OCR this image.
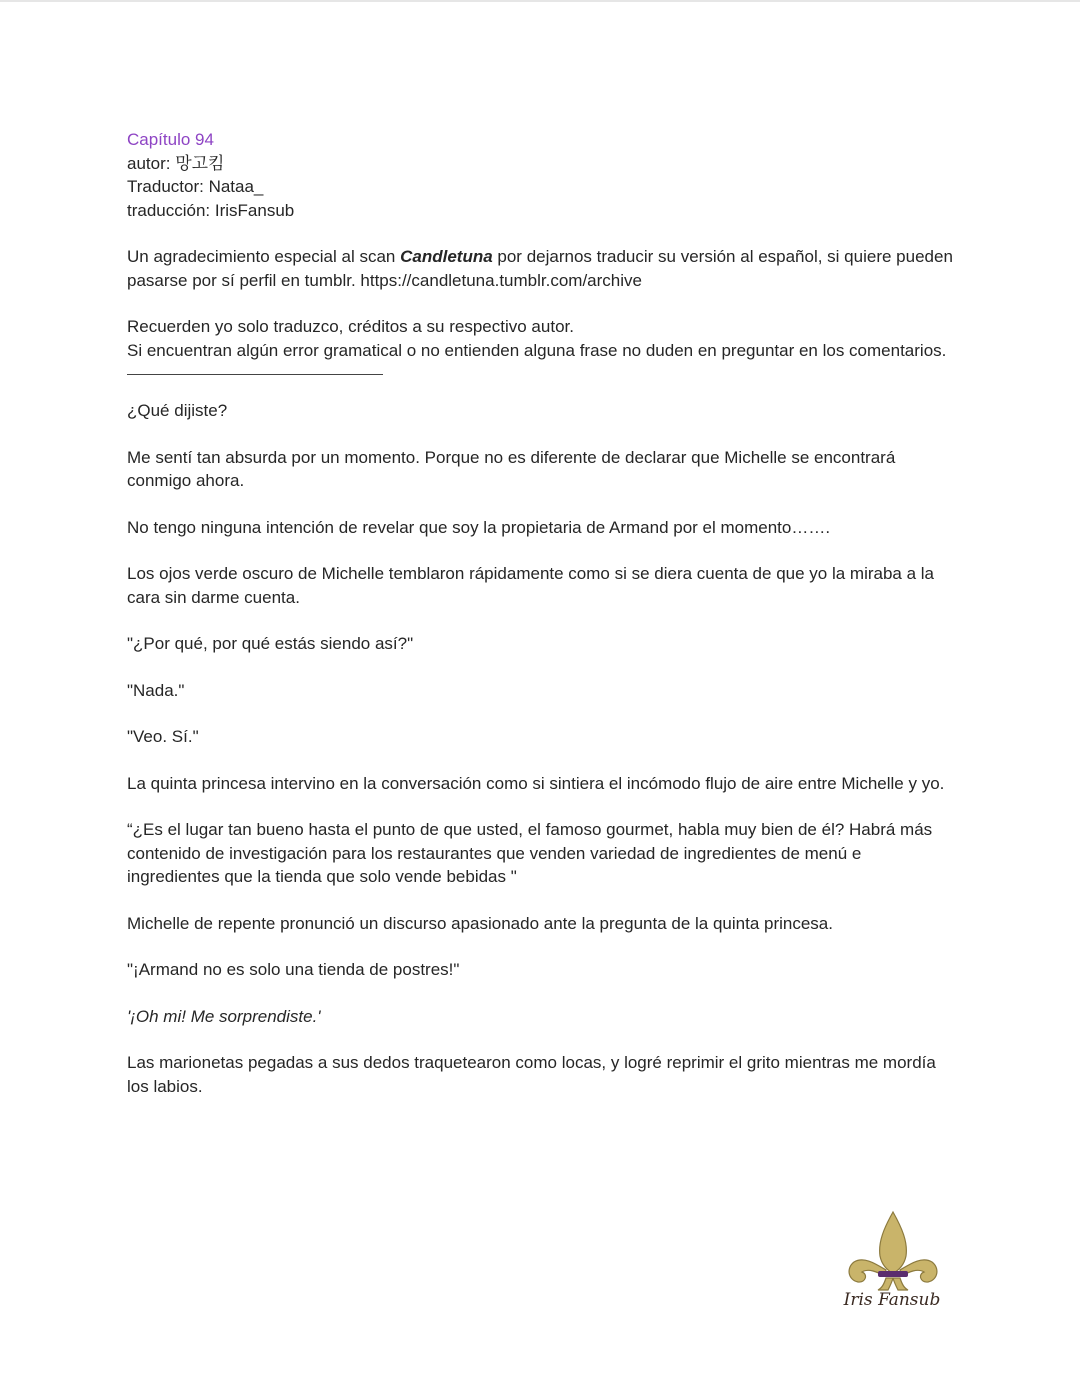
Capítulo 94

autor: 망고킴

Traductor: Nataa_

traducción: IrisFansub

Un agradecimiento especial al scan Candletuna por dejarnos traducir su versión al español, si quiere pueden pasarse por sí perfil en tumblr. https://candletuna.tumblr.com/archive

Recuerden yo solo traduzco, créditos a su respectivo autor.

Si encuentran algún error gramatical o no entienden alguna frase no duden en preguntar en los comentarios.

¿Qué dijiste?

Me sentí tan absurda por un momento. Porque no es diferente de declarar que Michelle se encontrará conmigo ahora.

No tengo ninguna intención de revelar que soy la propietaria de Armand por el momento…….

Los ojos verde oscuro de Michelle temblaron rápidamente como si se diera cuenta de que yo la miraba a la cara sin darme cuenta.

"¿Por qué, por qué estás siendo así?"

"Nada."

"Veo. Sí."

La quinta princesa intervino en la conversación como si sintiera el incómodo flujo de aire entre Michelle y yo.

“¿Es el lugar tan bueno hasta el punto de que usted, el famoso gourmet, habla muy bien de él? Habrá más contenido de investigación para los restaurantes que venden variedad de ingredientes de menú e ingredientes que la tienda que solo vende bebidas "

Michelle de repente pronunció un discurso apasionado ante la pregunta de la quinta princesa.

"¡Armand no es solo una tienda de postres!"

'¡Oh mi! Me sorprendiste.'

Las marionetas pegadas a sus dedos traquetearon como locas, y logré reprimir el grito mientras me mordía los labios.

Iris Fansub
